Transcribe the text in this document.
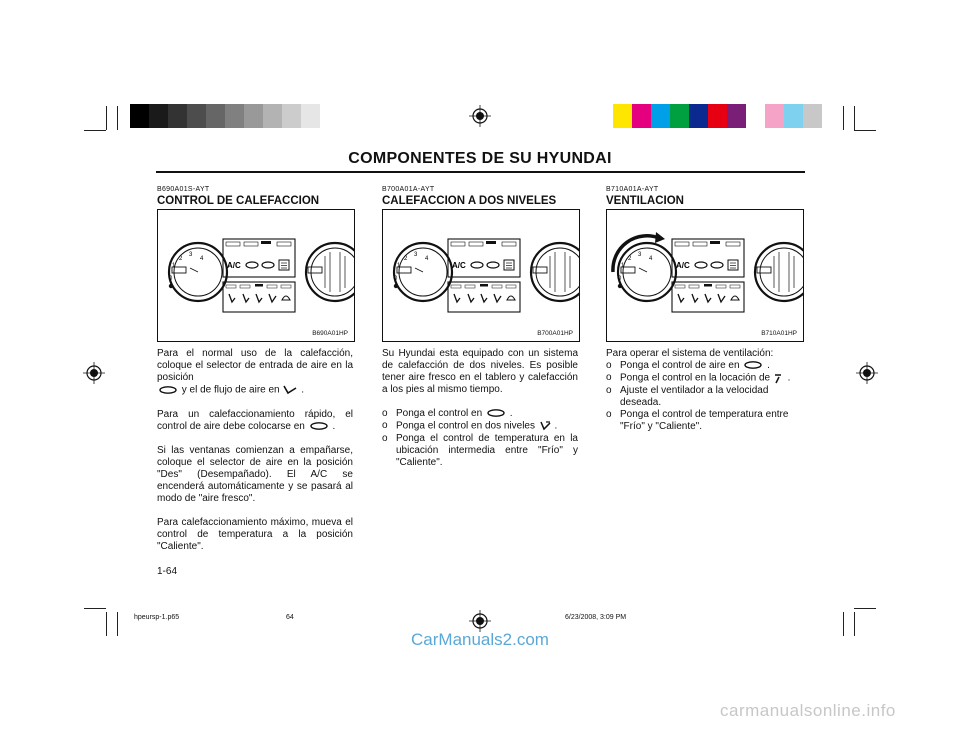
COMPONENTES DE SU HYUNDAI
B690A01S-AYT
CONTROL DE CALEFACCION
0
1
2
3
4
A/C
B690A01HP

Para el normal uso de la calefacción, coloque el selector de entrada de aire en la posición
y el de flujo de aire en .

Para un calefaccionamiento rápido, el control de aire debe colocarse en	.

Si las ventanas comienzan a empañarse, coloque el selector de aire en la posición "Des" (Desempañado). El A/C se encenderá automáticamente y se pasará al modo de "aire fresco".

Para calefaccionamiento máximo, mueva el control de temperatura a la posición "Caliente".

B700A01A-AYT
CALEFACCION A DOS NIVELES
0
1
2
3
4
A/C
B700A01HP

Su Hyundai esta equipado con un sistema de calefacción de dos niveles. Es posible tener aire fresco en el tablero y calefacción a los pies al mismo tiempo.

o Ponga el control en	.
o Ponga el control en dos niveles .
o Ponga el control de temperatura en la ubicación intermedia entre "Frío" y "Caliente".
B710A01A-AYT
VENTILACION
0
1
2
3
4
A/C
B710A01HP
Para operar el sistema de ventilación:
o Ponga el control de aire en	.
o Ponga el control en la locación de .
o Ajuste el ventilador a la velocidad deseada.
o Ponga el control de temperatura entre "Frío" y "Caliente".
1-64
hpeursp-1.p65	64	6/23/2008, 3:09 PM
CarManuals2.com
carmanualsonline.info
